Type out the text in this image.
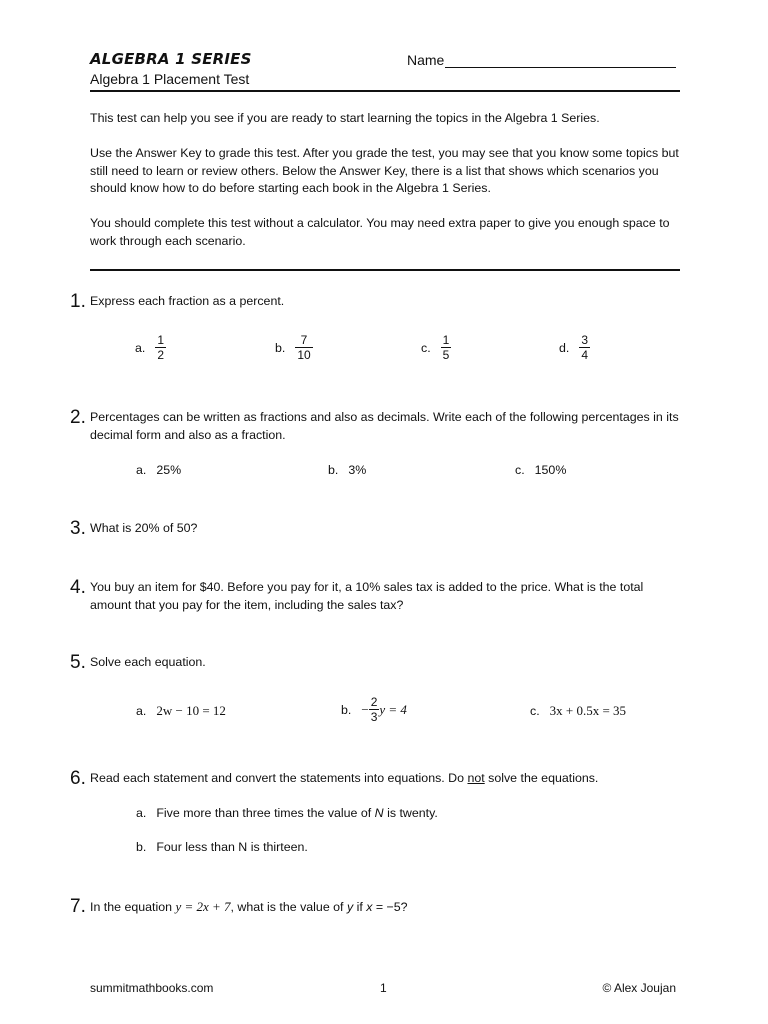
ALGEBRA 1 SERIES
Algebra 1 Placement Test
Name
This test can help you see if you are ready to start learning the topics in the Algebra 1 Series.
Use the Answer Key to grade this test. After you grade the test, you may see that you know some topics but still need to learn or review others. Below the Answer Key, there is a list that shows which scenarios you should know how to do before starting each book in the Algebra 1 Series.
You should complete this test without a calculator. You may need extra paper to give you enough space to work through each scenario.
1. Express each fraction as a percent.
a. $\frac{1}{2}$	b. $\frac{7}{10}$	c. $\frac{1}{5}$	d. $\frac{3}{4}$
2. Percentages can be written as fractions and also as decimals. Write each of the following percentages in its decimal form and also as a fraction.
a. 25%	b. 3%	c. 150%
3. What is 20% of 50?
4. You buy an item for $40. Before you pay for it, a 10% sales tax is added to the price. What is the total amount that you pay for the item, including the sales tax?
5. Solve each equation.
a. 2w − 10 = 12	b. − $\frac{2}{3}$ y = 4	c. 3x + 0.5x = 35
6. Read each statement and convert the statements into equations. Do not solve the equations.
a. Five more than three times the value of N is twenty.
b. Four less than N is thirteen.
7. In the equation y = 2x + 7, what is the value of y if x = −5?
summitmathbooks.com	1	© Alex Joujan
